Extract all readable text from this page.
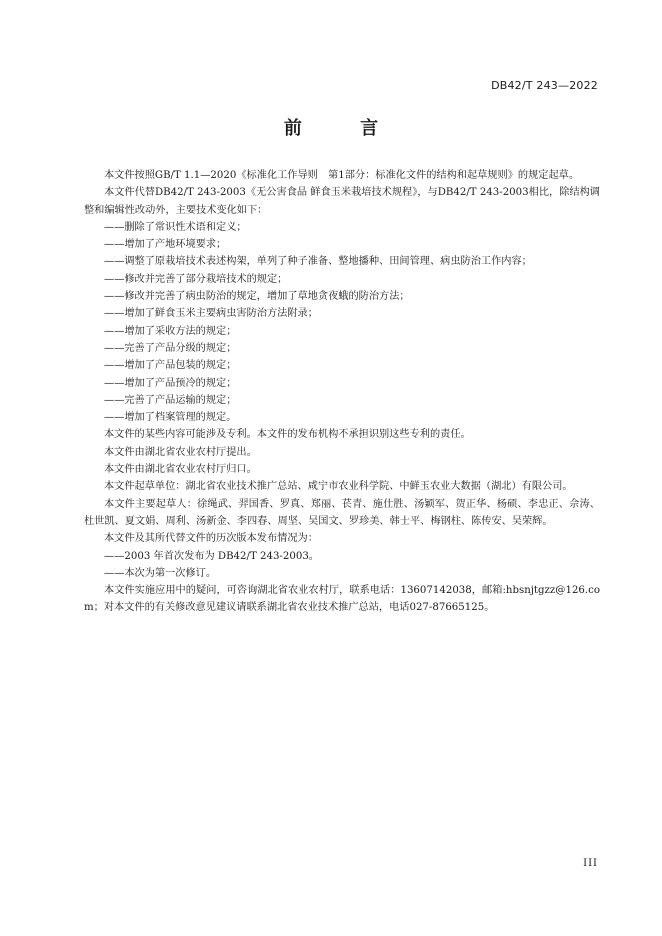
DB42/T 243—2022
前 言

本文件按照GB/T 1.1—2020《标准化工作导则　第1部分：标准化文件的结构和起草规则》的规定起草。

本文件代替DB42/T 243-2003《无公害食品 鲜食玉米栽培技术规程》，与DB42/T 243-2003相比，除结构调整和编辑性改动外，主要技术变化如下：

——删除了常识性术语和定义；

——增加了产地环境要求；

——调整了原栽培技术表述构架，单列了种子准备、整地播种、田间管理、病虫防治工作内容；

——修改并完善了部分栽培技术的规定；

——修改并完善了病虫防治的规定，增加了草地贪夜蛾的防治方法；

——增加了鲜食玉米主要病虫害防治方法附录；

——增加了采收方法的规定；

——完善了产品分级的规定；

——增加了产品包装的规定；

——增加了产品预冷的规定；

——完善了产品运输的规定；

——增加了档案管理的规定。

本文件的某些内容可能涉及专利。本文件的发布机构不承担识别这些专利的责任。

本文件由湖北省农业农村厅提出。

本文件由湖北省农业农村厅归口。

本文件起草单位：湖北省农业技术推广总站、咸宁市农业科学院、中鲜玉农业大数据（湖北）有限公司。

本文件主要起草人：徐绳武、羿国香、罗真、郑丽、苌青、施仕胜、汤颖军、贺正华、杨硕、李忠正、佘涛、 杜世凯、夏文娟、周利、汤新金、李四春、周坚、吴国文、罗珍美、韩士平、梅钢柱、陈传安、吴荣辉。

本文件及其所代替文件的历次版本发布情况为：

——2003 年首次发布为 DB42/T 243-2003。

——本次为第一次修订。

本文件实施应用中的疑问，可咨询湖北省农业农村厅，联系电话：13607142038，邮箱:hbsnjtgzz@126.com；对本文件的有关修改意见建议请联系湖北省农业技术推广总站，电话027-87665125。

III
